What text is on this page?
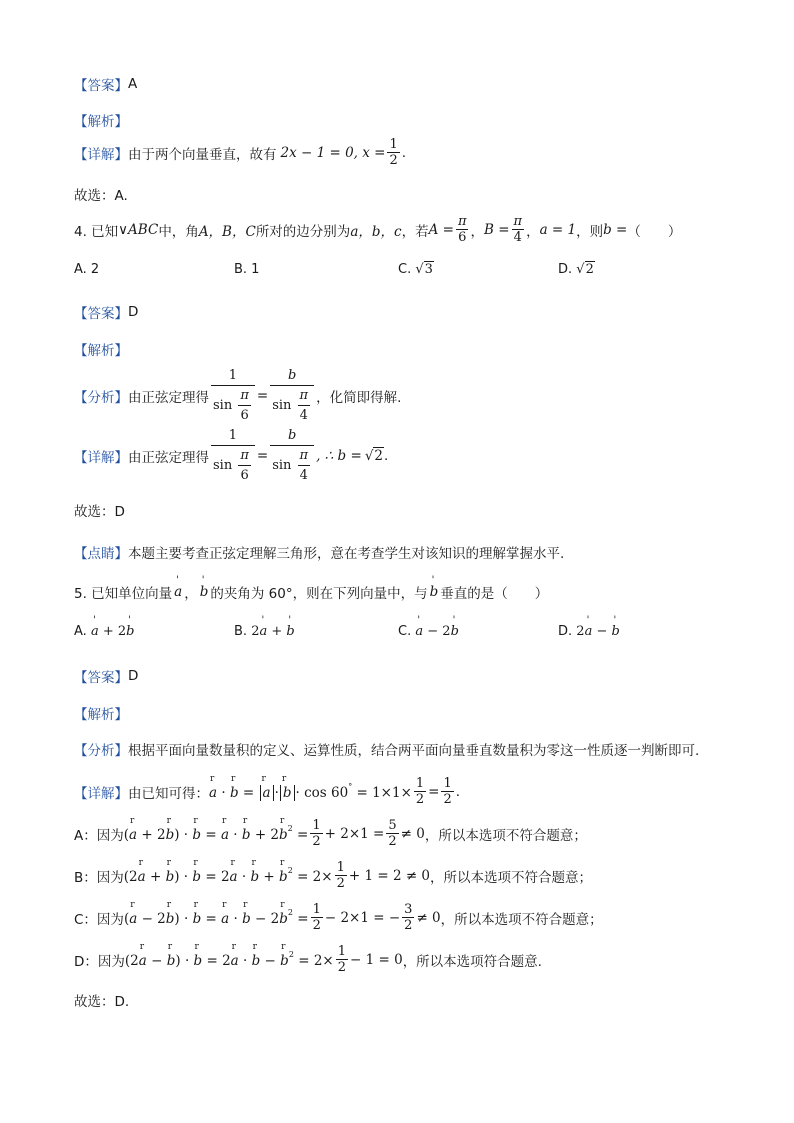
【答案】 A
【解析】
【详解】 由于两个向量垂直，故有 2x − 1 = 0, $x = \frac{1}{2}$ .
故选：A.
4. 已知 ∨ABC 中，角 A，B，C 所对的边分别为 a，b，c ，若 $A = \frac{\pi}{6}$ ， $B = \frac{\pi}{4}$ ， a = 1 ，则 b = （　　）
A. 2	B. 1	C. √3	D. √2
【答案】 D
【解析】
【分析】 由正弦定理得 $\frac{1}{\sin \frac{\pi}{6}} = \frac{b}{\sin \frac{\pi}{4}}$ ，化简即得解.
【详解】 由正弦定理得 $\frac{1}{\sin \frac{\pi}{6}} = \frac{b}{\sin \frac{\pi}{4}}$ , ∴ b = √2 .
故选：D
【点睛】 本题主要考查正弦定理解三角形，意在考查学生对该知识的理解掌握水平.
5. 已知单位向量 ' a ， ' b 的夹角为 60°，则在下列向量中，与 ' b 垂直的是（　　）
A. ' a + 2' b	B. 2' a + ' b	C. ' a − 2' b	D. 2' a − ' b
【答案】 D
【解析】
【分析】 根据平面向量数量积的定义、运算性质，结合两平面向量垂直数量积为零这一性质逐一判断即可.
【详解】 由已知可得： r a · r b = r a · r $b \cdot \cos 60^\circ = 1\times 1\times \frac{1}{2} = \frac{1}{2}$ .
A：因为 (r a + 2r b) · r b = r a · r b + 2r $b^2 = \frac{1}{2} + 2\times 1 = \frac{5}{2} \ne 0$ ，所以本选项不符合题意；
B：因为 (2r a + r b) · r b = 2r a · r b + r $b^2 = 2\times \frac{1}{2} + 1 = 2 \ne 0$ ，所以本选项不符合题意；
C：因为 (r a − 2r b) · r b = r a · r b − 2r $b^2 = \frac{1}{2} - 2\times 1$ = − $\frac{3}{2} \ne 0$ ，所以本选项不符合题意；
D：因为 (2r a − r b) · r b = 2r a · r b − r $b^2 = 2\times \frac{1}{2} - 1 = 0$ ，所以本选项符合题意.
故选：D.
